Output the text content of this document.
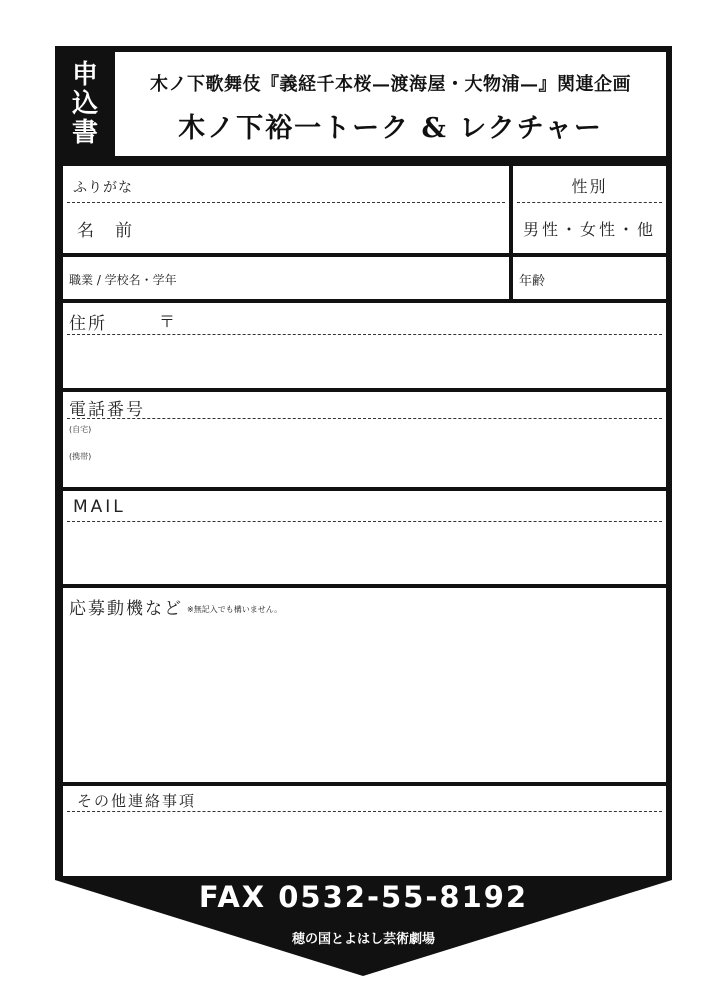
申
込
書
木ノ下歌舞伎『義経千本桜—渡海屋・大物浦—』関連企画
木ノ下裕一トーク & レクチャー
ふりがな
名　前
性別
男性・女性・他
職業 / 学校名・学年	年齢
住所	〒
電話番号
(自宅)
(携帯)
MAIL
応募動機など ※無記入でも構いません。
その他連絡事項
FAX 0532-55-8192
穂の国とよはし芸術劇場
